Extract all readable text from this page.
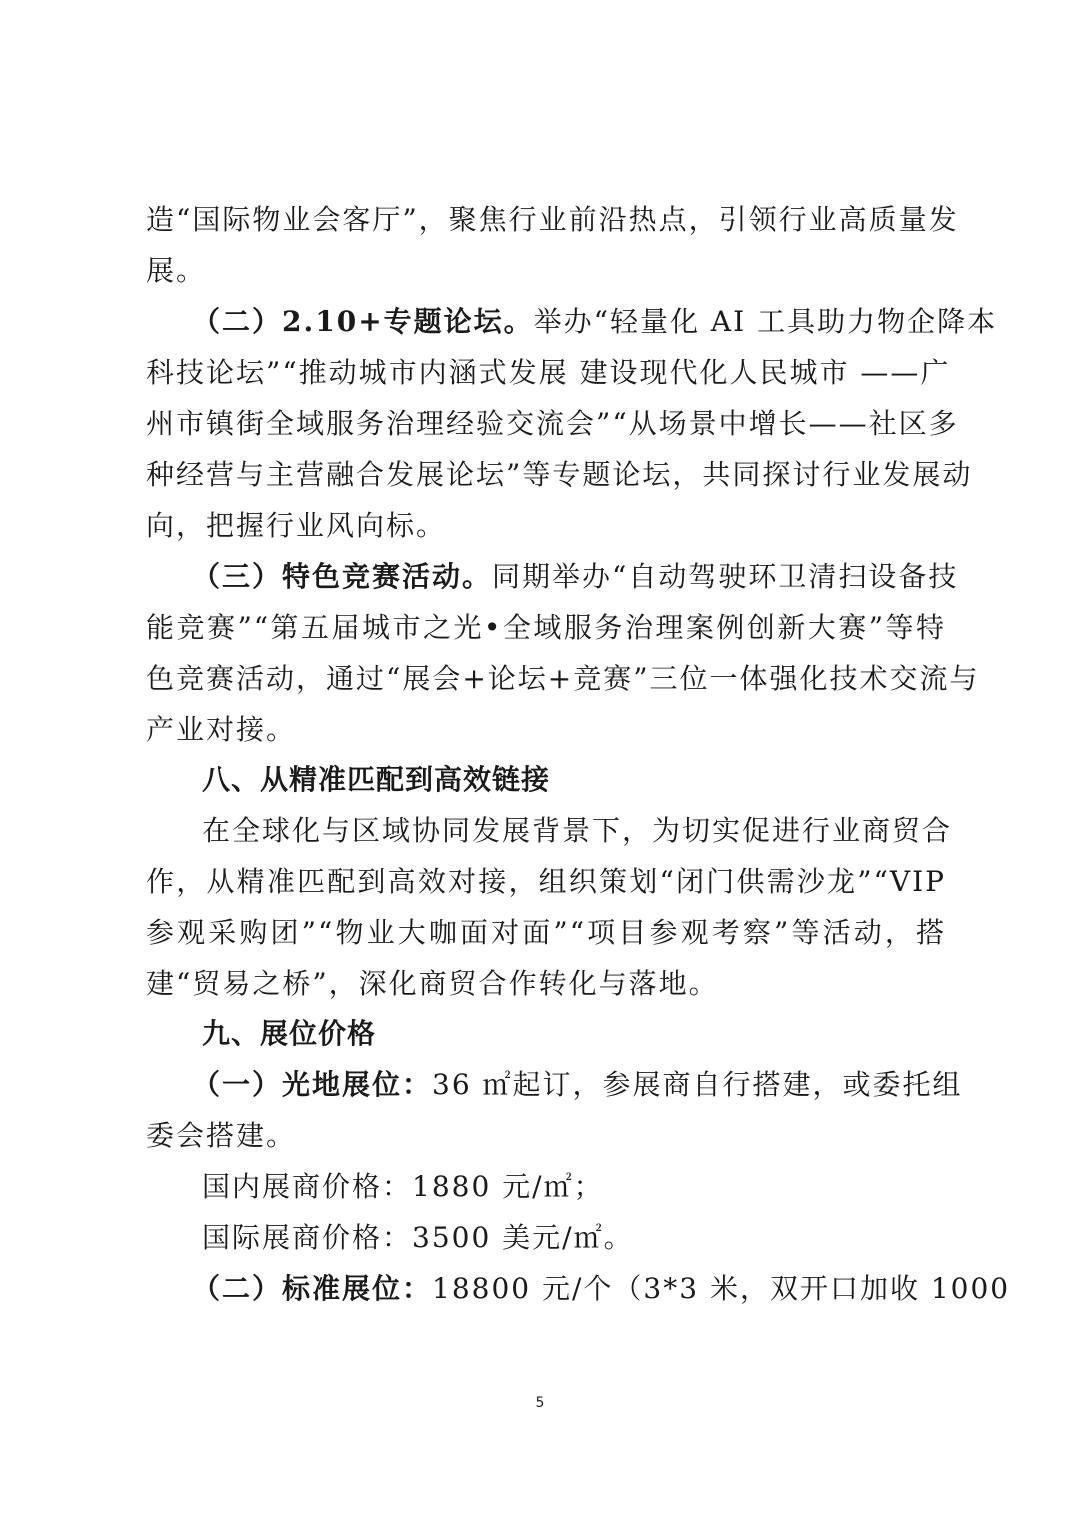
造“国际物业会客厅”，聚焦行业前沿热点，引领行业高质量发
展。
（二）2.10+专题论坛。举办“轻量化 AI 工具助力物企降本
科技论坛”“推动城市内涵式发展 建设现代化人民城市 ——广
州市镇街全域服务治理经验交流会”“从场景中增长——社区多
种经营与主营融合发展论坛”等专题论坛，共同探讨行业发展动
向，把握行业风向标。
（三）特色竞赛活动。同期举办“自动驾驶环卫清扫设备技
能竞赛”“第五届城市之光•全域服务治理案例创新大赛”等特
色竞赛活动，通过“展会+论坛+竞赛”三位一体强化技术交流与
产业对接。
八、从精准匹配到高效链接
在全球化与区域协同发展背景下，为切实促进行业商贸合
作，从精准匹配到高效对接，组织策划“闭门供需沙龙”“VIP
参观采购团”“物业大咖面对面”“项目参观考察”等活动，搭
建“贸易之桥”，深化商贸合作转化与落地。
九、展位价格
（一）光地展位：36 ㎡起订，参展商自行搭建，或委托组
委会搭建。
国内展商价格：1880 元/㎡；
国际展商价格：3500 美元/㎡。
（二）标准展位：18800 元/个（3*3 米，双开口加收 1000
5
